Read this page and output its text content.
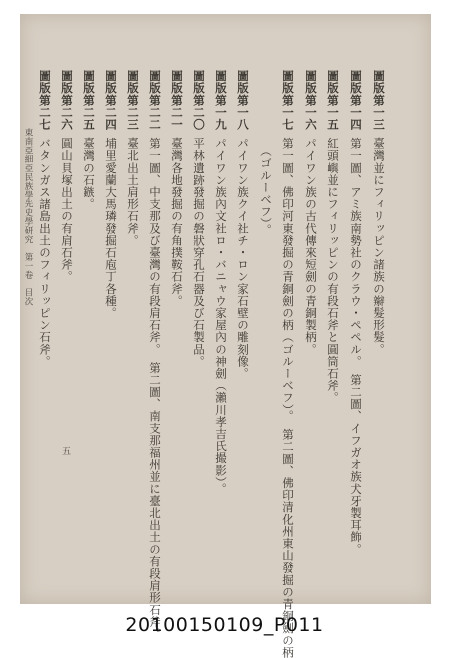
圖版第一三臺灣並にフィリッピン諸族の辮髮形髮。
圖版第一四第一圖、アミ族南勢社のクラウ・ペペル。　第二圖、イフガオ族犬牙製耳飾。
圖版第一五紅頭嶼並にフィリッピンの有段石斧と圓筒石斧。
圖版第一六パイワン族の古代傳來短劍の青銅製柄。
圖版第一七第一圖、佛印河東發掘の青銅劍の柄（ゴルーベフ）。　第二圖、佛印清化州東山發掘の青銅劍の柄
（ゴルーベフ）。
圖版第一八パイワン族クイ社チ・ロン家石壁の雕刻像。
圖版第一九パイワン族內文社ロ・バニャウ家屋內の神劍（瀨川孝吉氏撮影）。
圖版第二〇平林遺跡發掘の磐狀穿孔石器及び石製品。
圖版第二一臺灣各地發掘の有角撲鞍石斧。
圖版第二二第一圖、中支那及び臺灣の有段肩石斧。　第二圖、南支那福州並に臺北出土の有段肩形石斧。
圖版第二三臺北出土肩形石斧。
圖版第二四埔里愛蘭大馬璘發掘石庖丁各種。
圖版第二五臺灣の石鏃。
圖版第二六圓山貝塚出土の有肩石斧。
圖版第二七バタンガス諸島出土のフィリッピン石斧。
東南亞細亞民族學先史學研究　第一卷　目次
五
20100150109_P011
